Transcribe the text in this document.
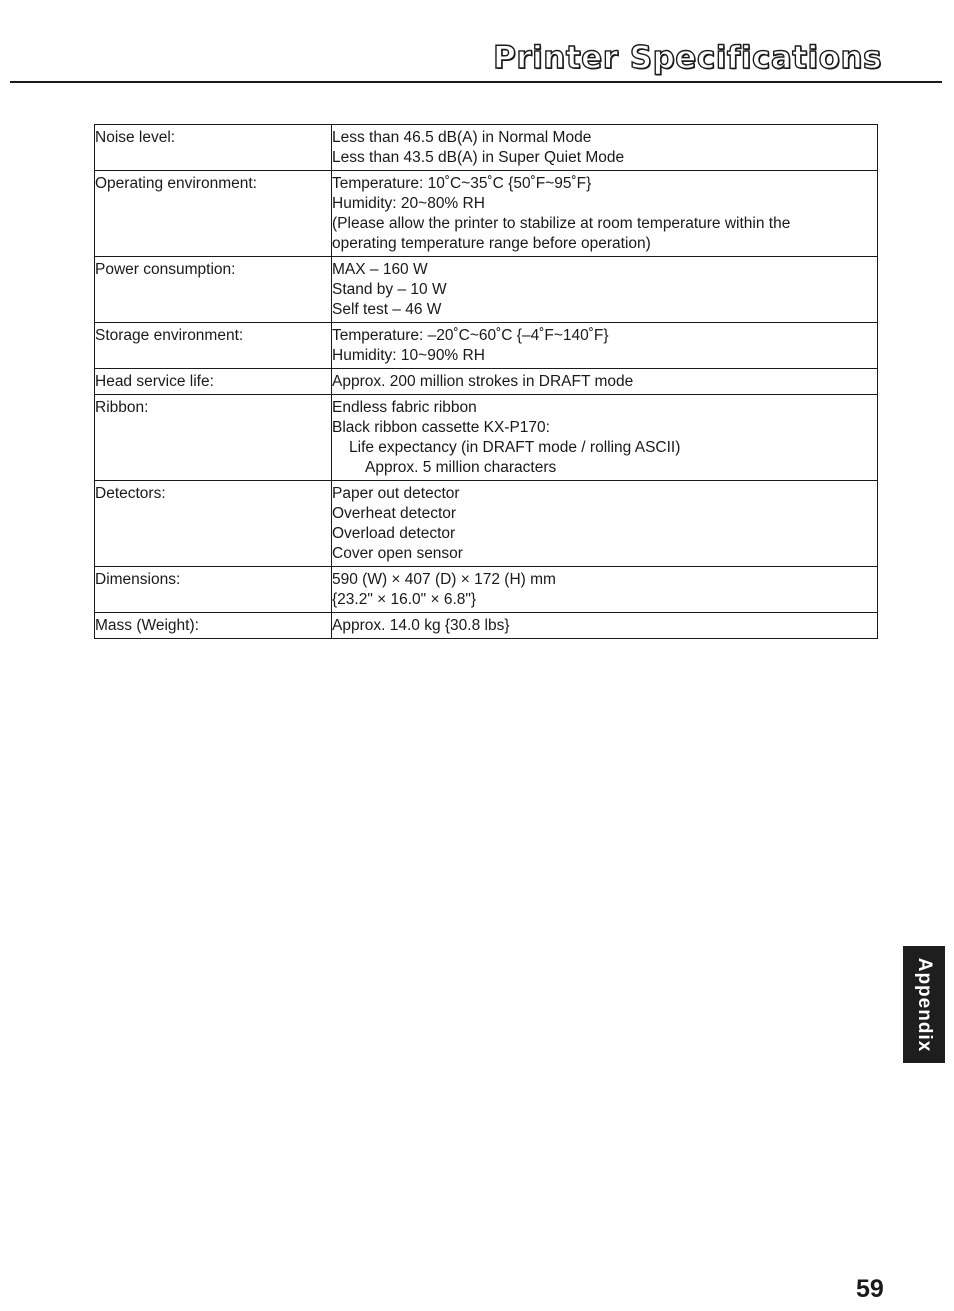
Printer Specifications
Noise level:	Less than 46.5 dB(A) in Normal Mode
Less than 43.5 dB(A) in Super Quiet Mode

Operating environment:	Temperature: 10˚C~35˚C {50˚F~95˚F}
Humidity: 20~80% RH
(Please allow the printer to stabilize at room temperature within the
operating temperature range before operation)

Power consumption:	MAX – 160 W
Stand by – 10 W
Self test – 46 W

Storage environment:	Temperature: –20˚C~60˚C {–4˚F~140˚F}
Humidity: 10~90% RH

Head service life:	Approx. 200 million strokes in DRAFT mode

Ribbon:	Endless fabric ribbon
Black ribbon cassette KX-P170:
Life expectancy (in DRAFT mode / rolling ASCII)
Approx. 5 million characters

Detectors:	Paper out detector
Overheat detector
Overload detector
Cover open sensor

Dimensions:	590 (W) × 407 (D) × 172 (H) mm
{23.2" × 16.0" × 6.8"}

Mass (Weight):	Approx. 14.0 kg {30.8 lbs}
Appendix
59
